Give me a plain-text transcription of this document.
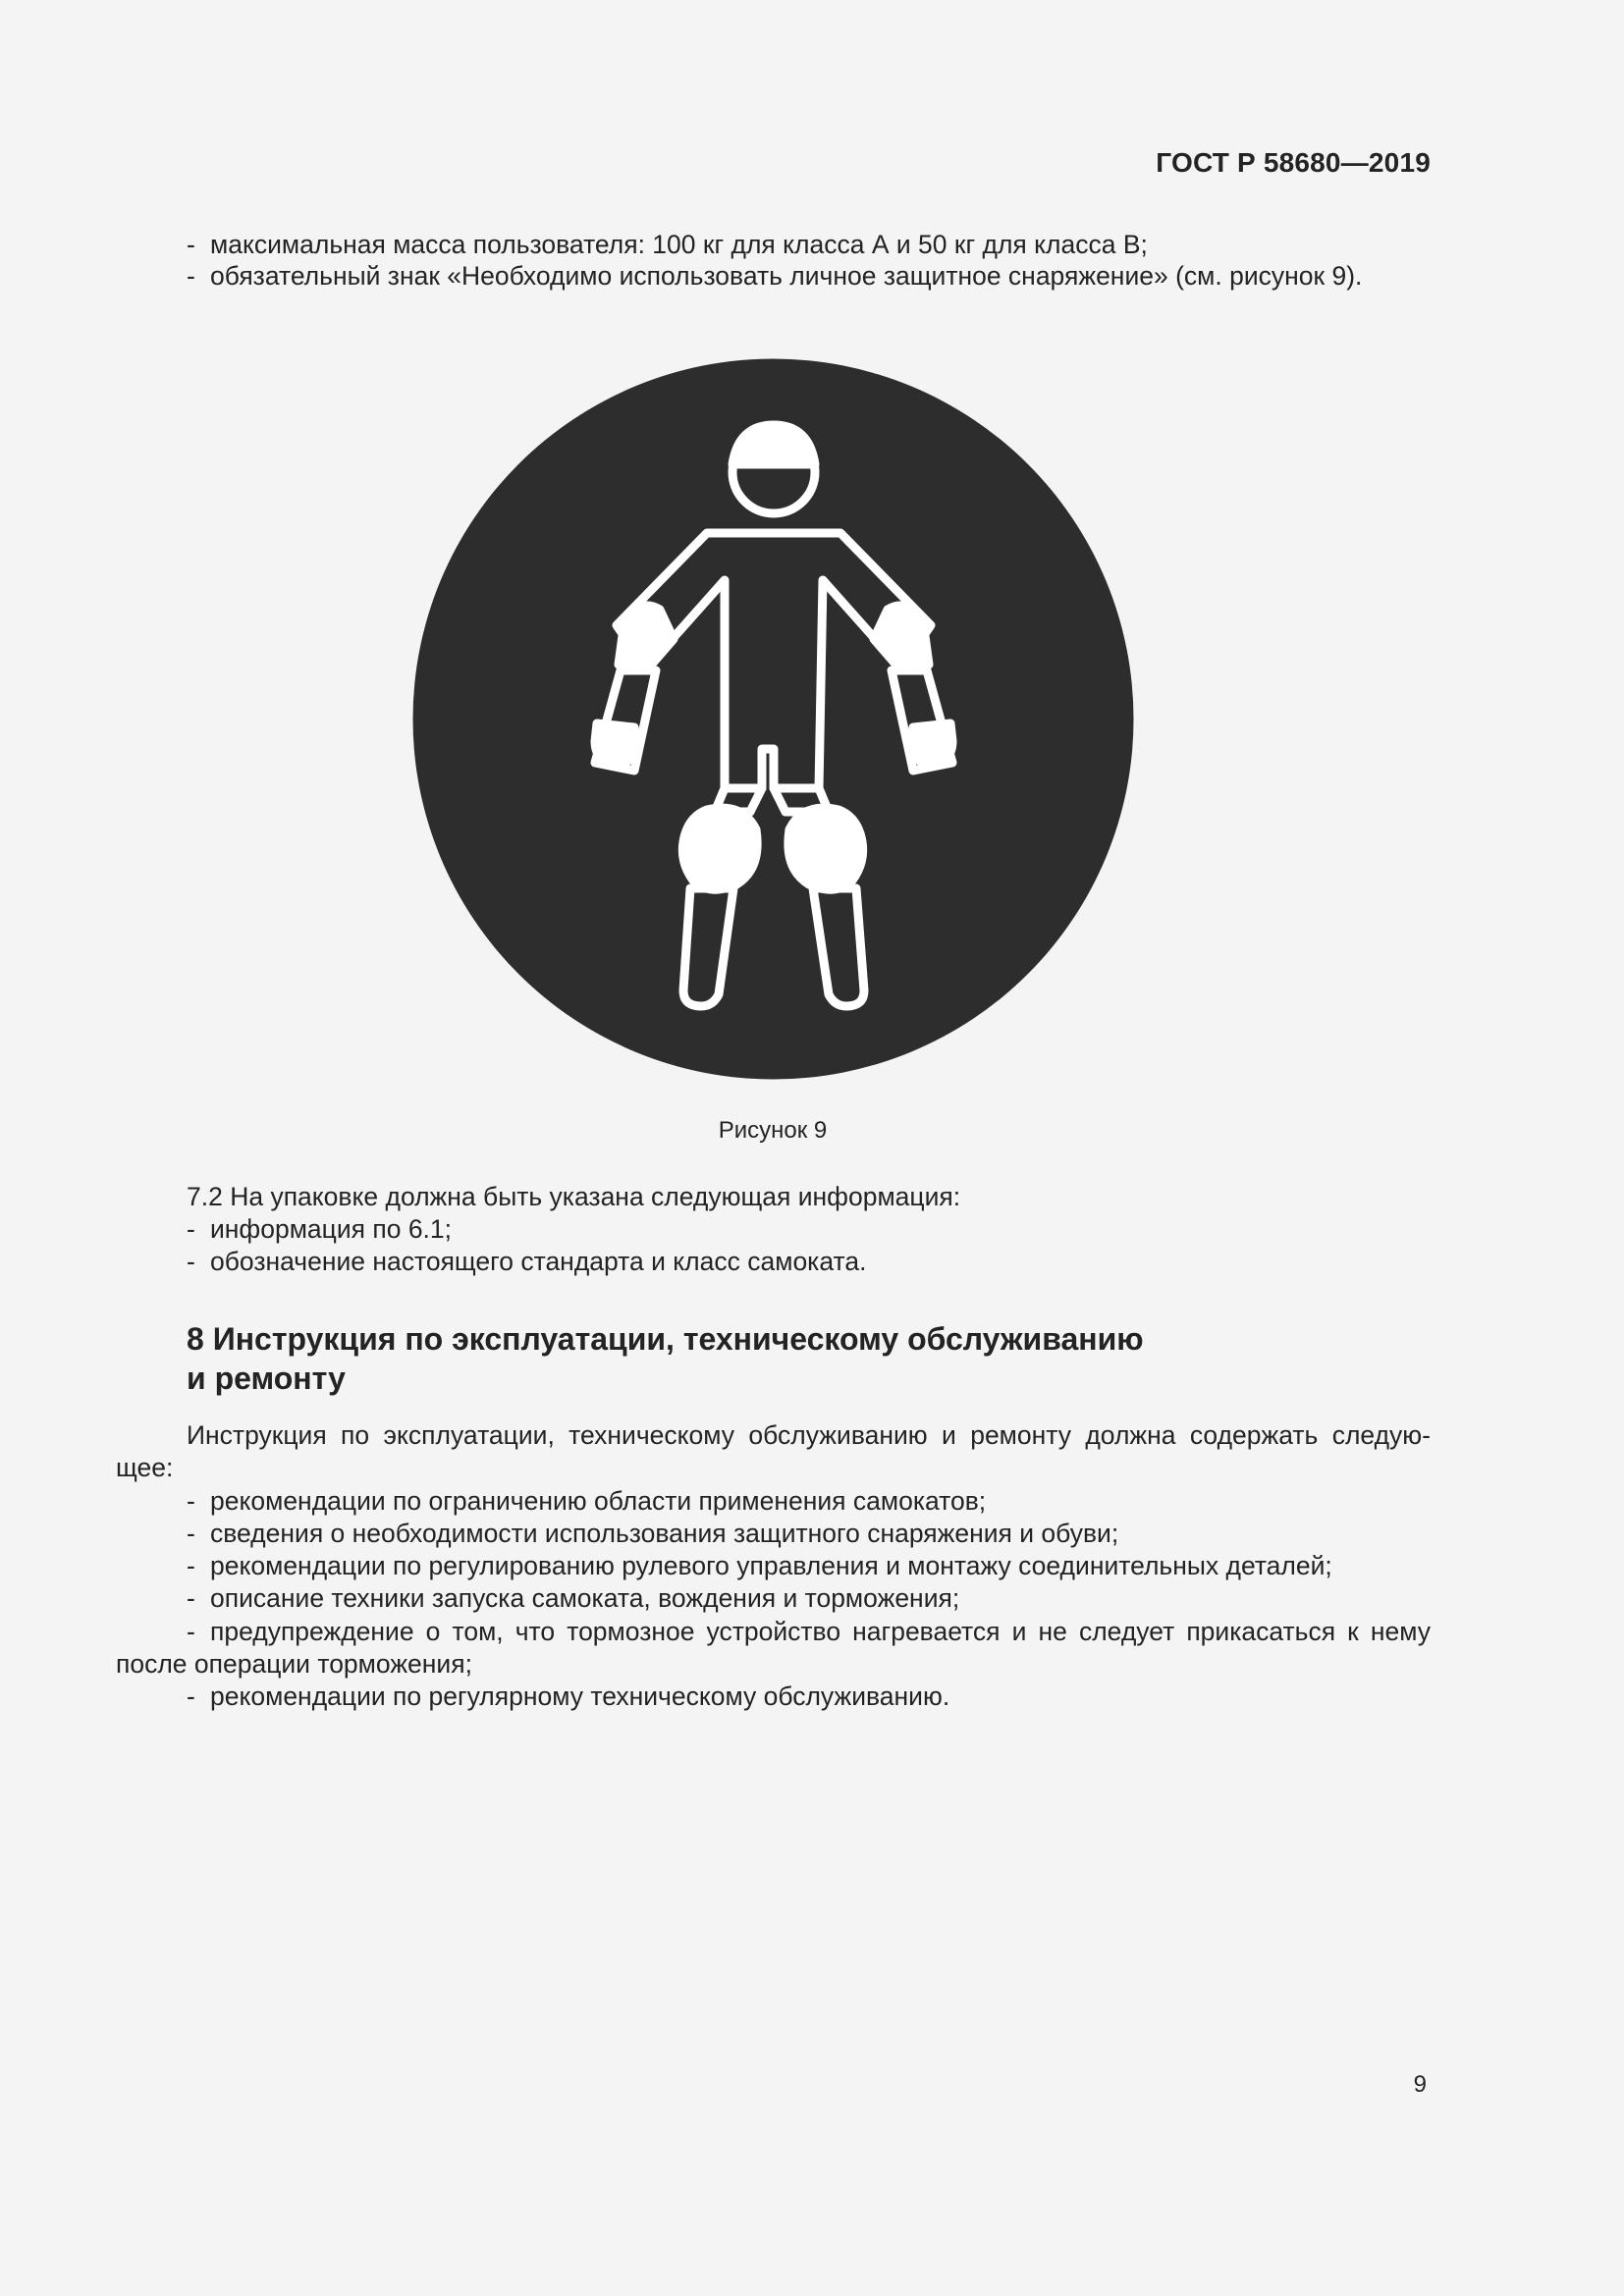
ГОСТ Р 58680—2019
- максимальная масса пользователя: 100 кг для класса А и 50 кг для класса В;
- обязательный знак «Необходимо использовать личное защитное снаряжение» (см. рисунок 9).
Рисунок 9
7.2 На упаковке должна быть указана следующая информация:
- информация по 6.1;
- обозначение настоящего стандарта и класс самоката.
8 Инструкция по эксплуатации, техническому обслуживанию
и ремонту
Инструкция по эксплуатации, техническому обслуживанию и ремонту должна содержать следую-
щее:
- рекомендации по ограничению области применения самокатов;
- сведения о необходимости использования защитного снаряжения и обуви;
- рекомендации по регулированию рулевого управления и монтажу соединительных деталей;
- описание техники запуска самоката, вождения и торможения;
- предупреждение о том, что тормозное устройство нагревается и не следует прикасаться к нему
после операции торможения;
- рекомендации по регулярному техническому обслуживанию.
9
